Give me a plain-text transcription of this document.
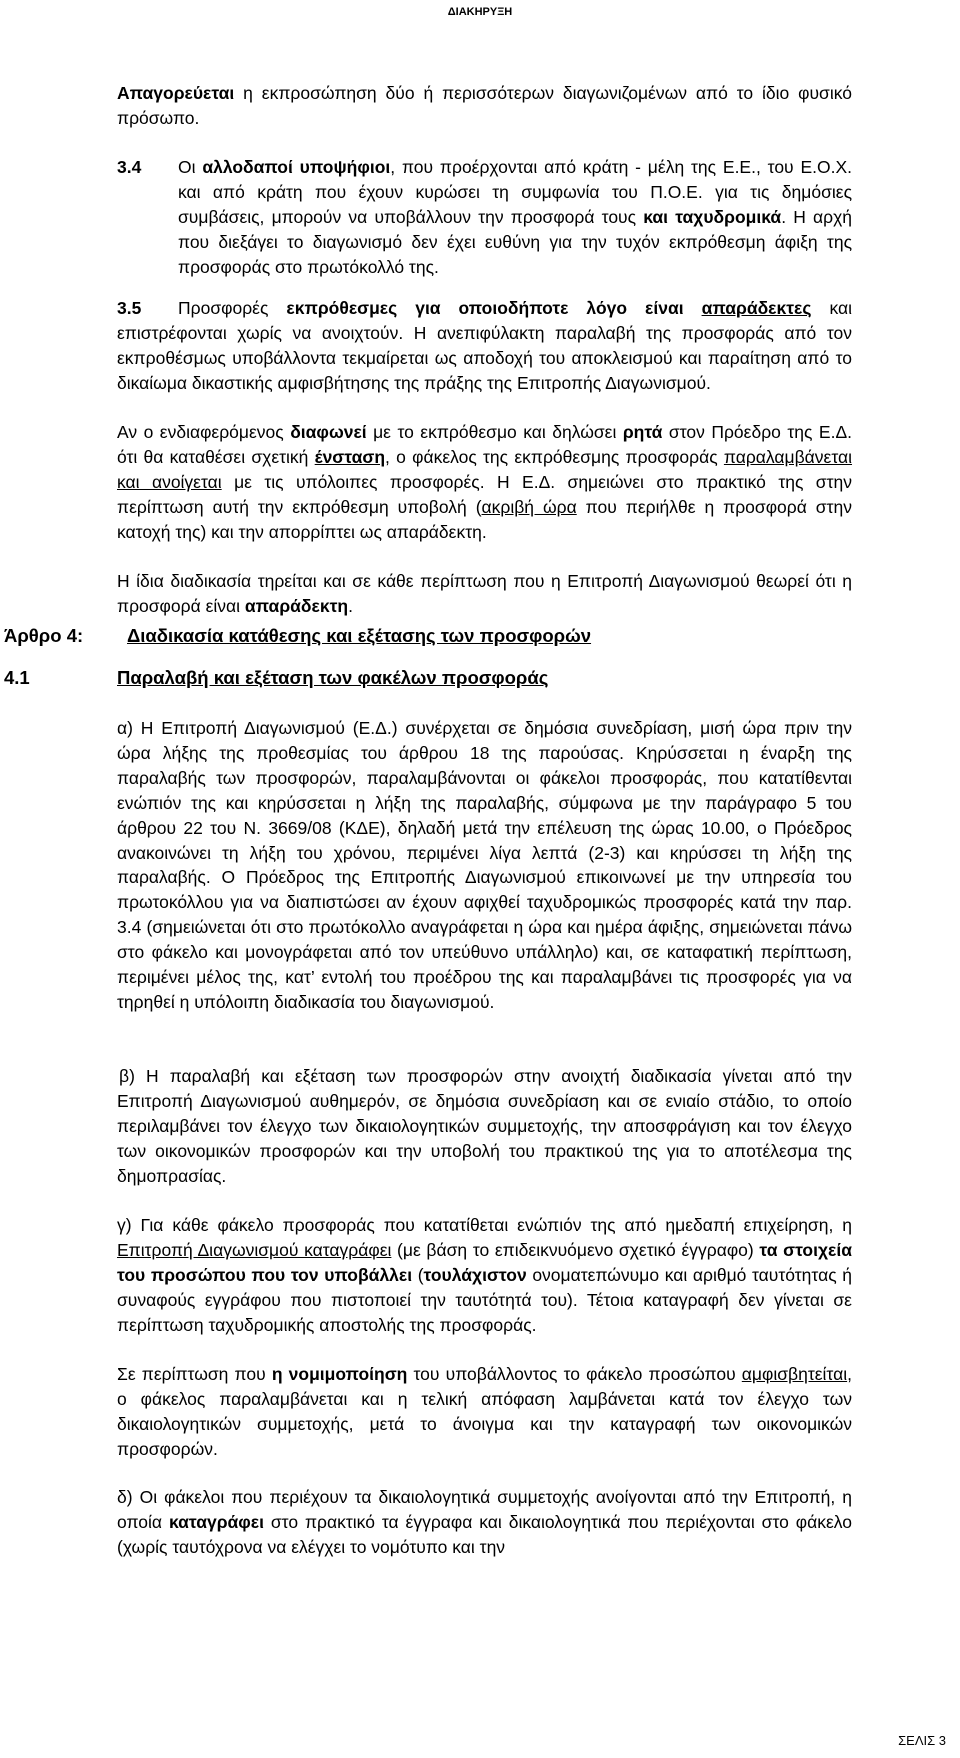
ΔΙΑΚΗΡΥΞΗ
Απαγορεύεται η εκπροσώπηση δύο ή περισσότερων διαγωνιζομένων από το ίδιο φυσικό πρόσωπο.
3.4 Οι αλλοδαποί υποψήφιοι, που προέρχονται από κράτη - μέλη της Ε.Ε., του Ε.Ο.Χ. και από κράτη που έχουν κυρώσει τη συμφωνία του Π.Ο.Ε. για τις δημόσιες συμβάσεις, μπορούν να υποβάλλουν την προσφορά τους και ταχυδρομικά. Η αρχή που διεξάγει το διαγωνισμό δεν έχει ευθύνη για την τυχόν εκπρόθεσμη άφιξη της προσφοράς στο πρωτόκολλό της.
3.5	Προσφορές εκπρόθεσμες για οποιοδήποτε λόγο είναι απαράδεκτες και επιστρέφονται χωρίς να ανοιχτούν. Η ανεπιφύλακτη παραλαβή της προσφοράς από τον εκπροθέσμως υποβάλλοντα τεκμαίρεται ως αποδοχή του αποκλεισμού και παραίτηση από το δικαίωμα δικαστικής αμφισβήτησης της πράξης της Επιτροπής Διαγωνισμού.
Αν ο ενδιαφερόμενος διαφωνεί με το εκπρόθεσμο και δηλώσει ρητά στον Πρόεδρο της Ε.Δ. ότι θα καταθέσει σχετική ένσταση, ο φάκελος της εκπρόθεσμης προσφοράς παραλαμβάνεται και ανοίγεται με τις υπόλοιπες προσφορές. Η Ε.Δ. σημειώνει στο πρακτικό της στην περίπτωση αυτή την εκπρόθεσμη υποβολή (ακριβή ώρα που περιήλθε η προσφορά στην κατοχή της) και την απορρίπτει ως απαράδεκτη.
Η ίδια διαδικασία τηρείται και σε κάθε περίπτωση που η Επιτροπή Διαγωνισμού θεωρεί ότι η προσφορά είναι απαράδεκτη.
Άρθρο 4: Διαδικασία κατάθεσης και εξέτασης των προσφορών
4.1	Παραλαβή και εξέταση των φακέλων προσφοράς
α) Η Επιτροπή Διαγωνισμού (Ε.Δ.) συνέρχεται σε δημόσια συνεδρίαση, μισή ώρα πριν την ώρα λήξης της προθεσμίας του άρθρου 18 της παρούσας. Κηρύσσεται η έναρξη της παραλαβής των προσφορών, παραλαμβάνονται οι φάκελοι προσφοράς, που κατατίθενται ενώπιόν της και κηρύσσεται η λήξη της παραλαβής, σύμφωνα με την παράγραφο 5 του άρθρου 22 του Ν. 3669/08 (ΚΔΕ), δηλαδή μετά την επέλευση της ώρας 10.00, ο Πρόεδρος ανακοινώνει τη λήξη του χρόνου, περιμένει λίγα λεπτά (2-3) και κηρύσσει τη λήξη της παραλαβής. Ο Πρόεδρος της Επιτροπής Διαγωνισμού επικοινωνεί με την υπηρεσία του πρωτοκόλλου για να διαπιστώσει αν έχουν αφιχθεί ταχυδρομικώς προσφορές κατά την παρ. 3.4 (σημειώνεται ότι στο πρωτόκολλο αναγράφεται η ώρα και ημέρα άφιξης, σημειώνεται πάνω στο φάκελο και μονογράφεται από τον υπεύθυνο υπάλληλο) και, σε καταφατική περίπτωση, περιμένει μέλος της, κατ’ εντολή του προέδρου της και παραλαμβάνει τις προσφορές για να τηρηθεί η υπόλοιπη διαδικασία του διαγωνισμού.
β) Η παραλαβή και εξέταση των προσφορών στην ανοιχτή διαδικασία γίνεται από την Επιτροπή Διαγωνισμού αυθημερόν, σε δημόσια συνεδρίαση και σε ενιαίο στάδιο, το οποίο περιλαμβάνει τον έλεγχο των δικαιολογητικών συμμετοχής, την αποσφράγιση και τον έλεγχο των οικονομικών προσφορών και την υποβολή του πρακτικού της για το αποτέλεσμα της δημοπρασίας.
γ) Για κάθε φάκελο προσφοράς που κατατίθεται ενώπιόν της από ημεδαπή επιχείρηση, η Επιτροπή Διαγωνισμού καταγράφει (με βάση το επιδεικνυόμενο σχετικό έγγραφο) τα στοιχεία του προσώπου που τον υποβάλλει (τουλάχιστον ονοματεπώνυμο και αριθμό ταυτότητας ή συναφούς εγγράφου που πιστοποιεί την ταυτότητά του). Τέτοια καταγραφή δεν γίνεται σε περίπτωση ταχυδρομικής αποστολής της προσφοράς.
Σε περίπτωση που η νομιμοποίηση του υποβάλλοντος το φάκελο προσώπου αμφισβητείται, ο φάκελος παραλαμβάνεται και η τελική απόφαση λαμβάνεται κατά τον έλεγχο των δικαιολογητικών συμμετοχής, μετά το άνοιγμα και την καταγραφή των οικονομικών προσφορών.
δ) Οι φάκελοι που περιέχουν τα δικαιολογητικά συμμετοχής ανοίγονται από την Επιτροπή, η οποία καταγράφει στο πρακτικό τα έγγραφα και δικαιολογητικά που περιέχονται στο φάκελο (χωρίς ταυτόχρονα να ελέγχει το νομότυπο και την
ΣΕΛΙΣ 3
